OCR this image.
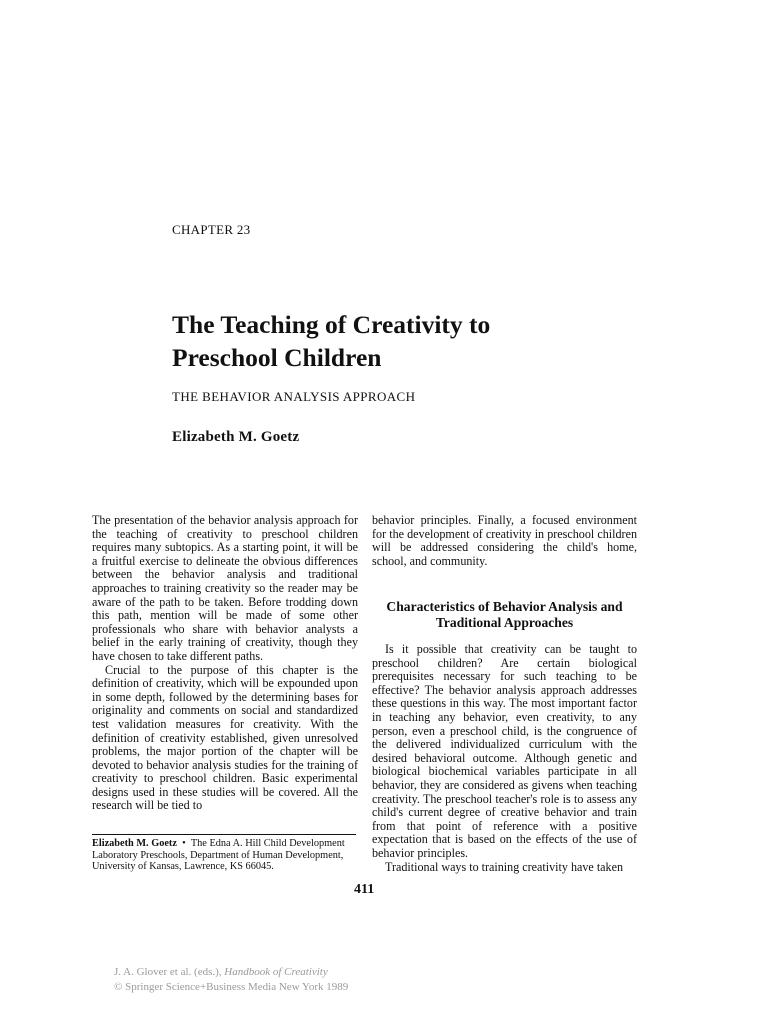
CHAPTER 23
The Teaching of Creativity to
Preschool Children
THE BEHAVIOR ANALYSIS APPROACH
Elizabeth M. Goetz

The presentation of the behavior analysis approach for the teaching of creativity to preschool children requires many subtopics. As a starting point, it will be a fruitful exercise to delineate the obvious differences between the behavior analysis and traditional approaches to training creativity so the reader may be aware of the path to be taken. Before trodding down this path, mention will be made of some other professionals who share with behavior analysts a belief in the early training of creativity, though they have chosen to take different paths.

Crucial to the purpose of this chapter is the definition of creativity, which will be expounded upon in some depth, followed by the determining bases for originality and comments on social and standardized test validation measures for creativity. With the definition of creativity established, given unresolved problems, the major portion of the chapter will be devoted to behavior analysis studies for the training of creativity to preschool children. Basic experimental designs used in these studies will be covered. All the research will be tied to

behavior principles. Finally, a focused environment for the development of creativity in preschool children will be addressed considering the child's home, school, and community.

Characteristics of Behavior Analysis and Traditional Approaches

Is it possible that creativity can be taught to preschool children? Are certain biological prerequisites necessary for such teaching to be effective? The behavior analysis approach addresses these questions in this way. The most important factor in teaching any behavior, even creativity, to any person, even a preschool child, is the congruence of the delivered individualized curriculum with the desired behavioral outcome. Although genetic and biological biochemical variables participate in all behavior, they are considered as givens when teaching creativity. The preschool teacher's role is to assess any child's current degree of creative behavior and train from that point of reference with a positive expectation that is based on the effects of the use of behavior principles.

Traditional ways to training creativity have taken

Elizabeth M. Goetz • The Edna A. Hill Child Development Laboratory Preschools, Department of Human Development, University of Kansas, Lawrence, KS 66045.
411
J. A. Glover et al. (eds.), Handbook of Creativity
© Springer Science+Business Media New York 1989
